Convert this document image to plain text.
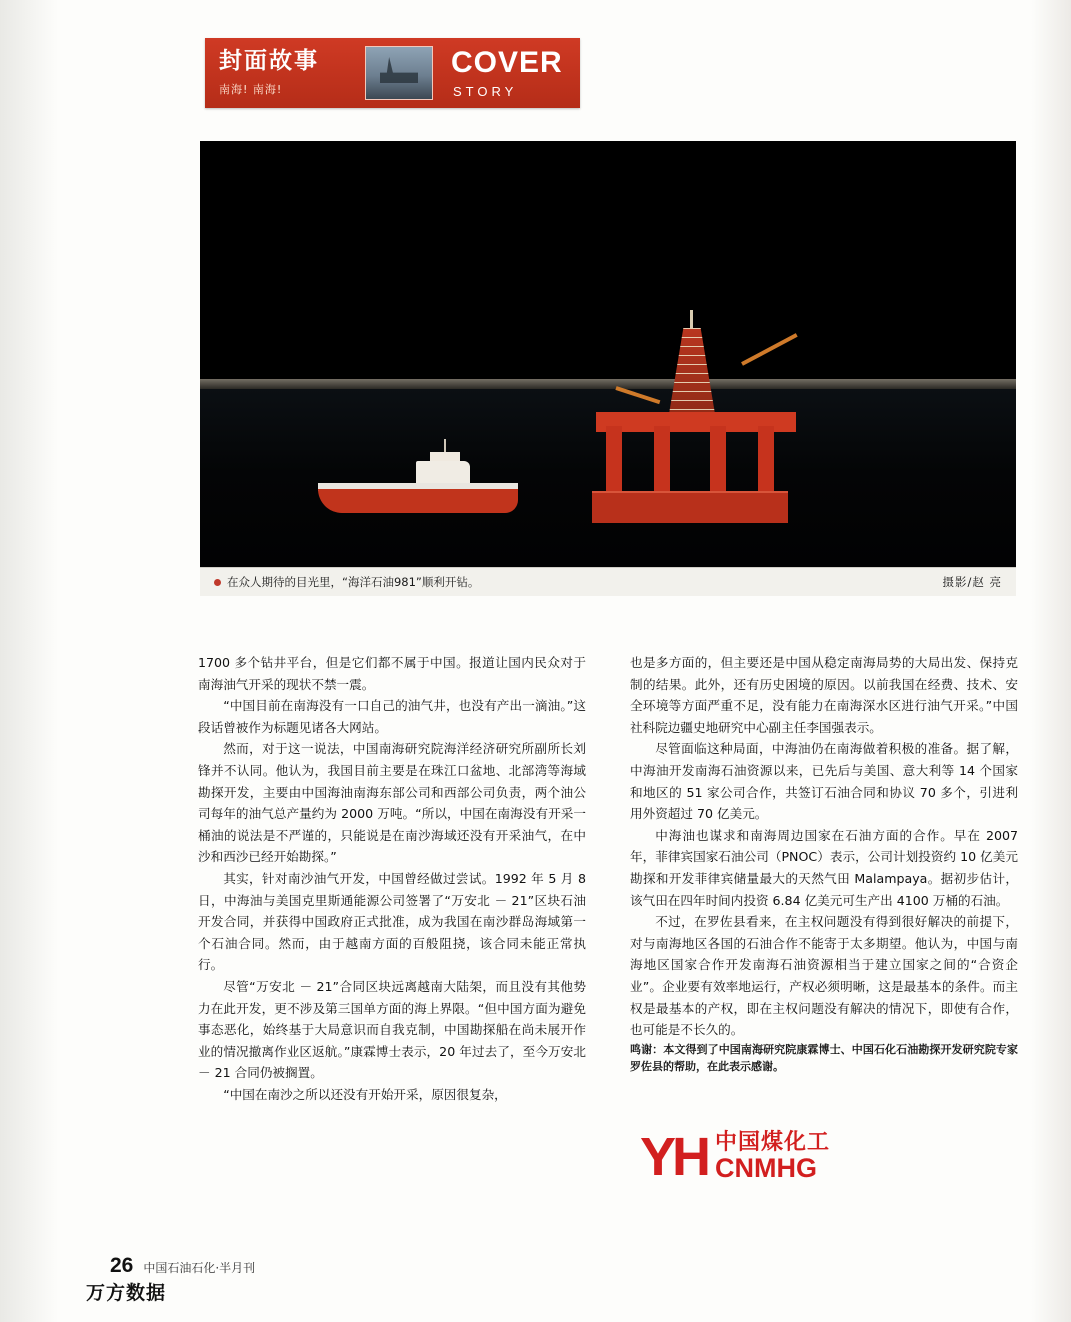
封面故事
南海! 南海!
COVER
STORY
在众人期待的目光里，“海洋石油981”顺利开钻。	摄影/赵 亮

1700 多个钻井平台，但是它们都不属于中国。报道让国内民众对于南海油气开采的现状不禁一震。

“中国目前在南海没有一口自己的油气井，也没有产出一滴油。”这段话曾被作为标题见诸各大网站。

然而，对于这一说法，中国南海研究院海洋经济研究所副所长刘锋并不认同。他认为，我国目前主要是在珠江口盆地、北部湾等海域勘探开发，主要由中国海油南海东部公司和西部公司负责，两个油公司每年的油气总产量约为 2000 万吨。“所以，中国在南海没有开采一桶油的说法是不严谨的，只能说是在南沙海域还没有开采油气，在中沙和西沙已经开始勘探。”

其实，针对南沙油气开发，中国曾经做过尝试。1992 年 5 月 8 日，中海油与美国克里斯通能源公司签署了“万安北 － 21”区块石油开发合同，并获得中国政府正式批准，成为我国在南沙群岛海域第一个石油合同。然而，由于越南方面的百般阻挠，该合同未能正常执行。

尽管“万安北 － 21”合同区块远离越南大陆架，而且没有其他势力在此开发，更不涉及第三国单方面的海上界限。“但中国方面为避免事态恶化，始终基于大局意识而自我克制，中国勘探船在尚未展开作业的情况撤离作业区返航。”康霖博士表示，20 年过去了，至今万安北 － 21 合同仍被搁置。

“中国在南沙之所以还没有开始开采，原因很复杂，

也是多方面的，但主要还是中国从稳定南海局势的大局出发、保持克制的结果。此外，还有历史困境的原因。以前我国在经费、技术、安全环境等方面严重不足，没有能力在南海深水区进行油气开采。”中国社科院边疆史地研究中心副主任李国强表示。

尽管面临这种局面，中海油仍在南海做着积极的准备。据了解，中海油开发南海石油资源以来，已先后与美国、意大利等 14 个国家和地区的 51 家公司合作，共签订石油合同和协议 70 多个，引进利用外资超过 70 亿美元。

中海油也谋求和南海周边国家在石油方面的合作。早在 2007 年，菲律宾国家石油公司（PNOC）表示，公司计划投资约 10 亿美元勘探和开发菲律宾储量最大的天然气田 Malampaya。据初步估计，该气田在四年时间内投资 6.84 亿美元可生产出 4100 万桶的石油。

不过，在罗佐县看来，在主权问题没有得到很好解决的前提下，对与南海地区各国的石油合作不能寄于太多期望。他认为，中国与南海地区国家合作开发南海石油资源相当于建立国家之间的“合资企业”。企业要有效率地运行，产权必须明晰，这是最基本的条件。而主权是最基本的产权，即在主权问题没有解决的情况下，即使有合作，也可能是不长久的。

鸣谢：本文得到了中国南海研究院康霖博士、中国石化石油勘探开发研究院专家罗佐县的帮助，在此表示感谢。

YH 中国煤化工
CNMHG
26 中国石油石化·半月刊
万方数据
